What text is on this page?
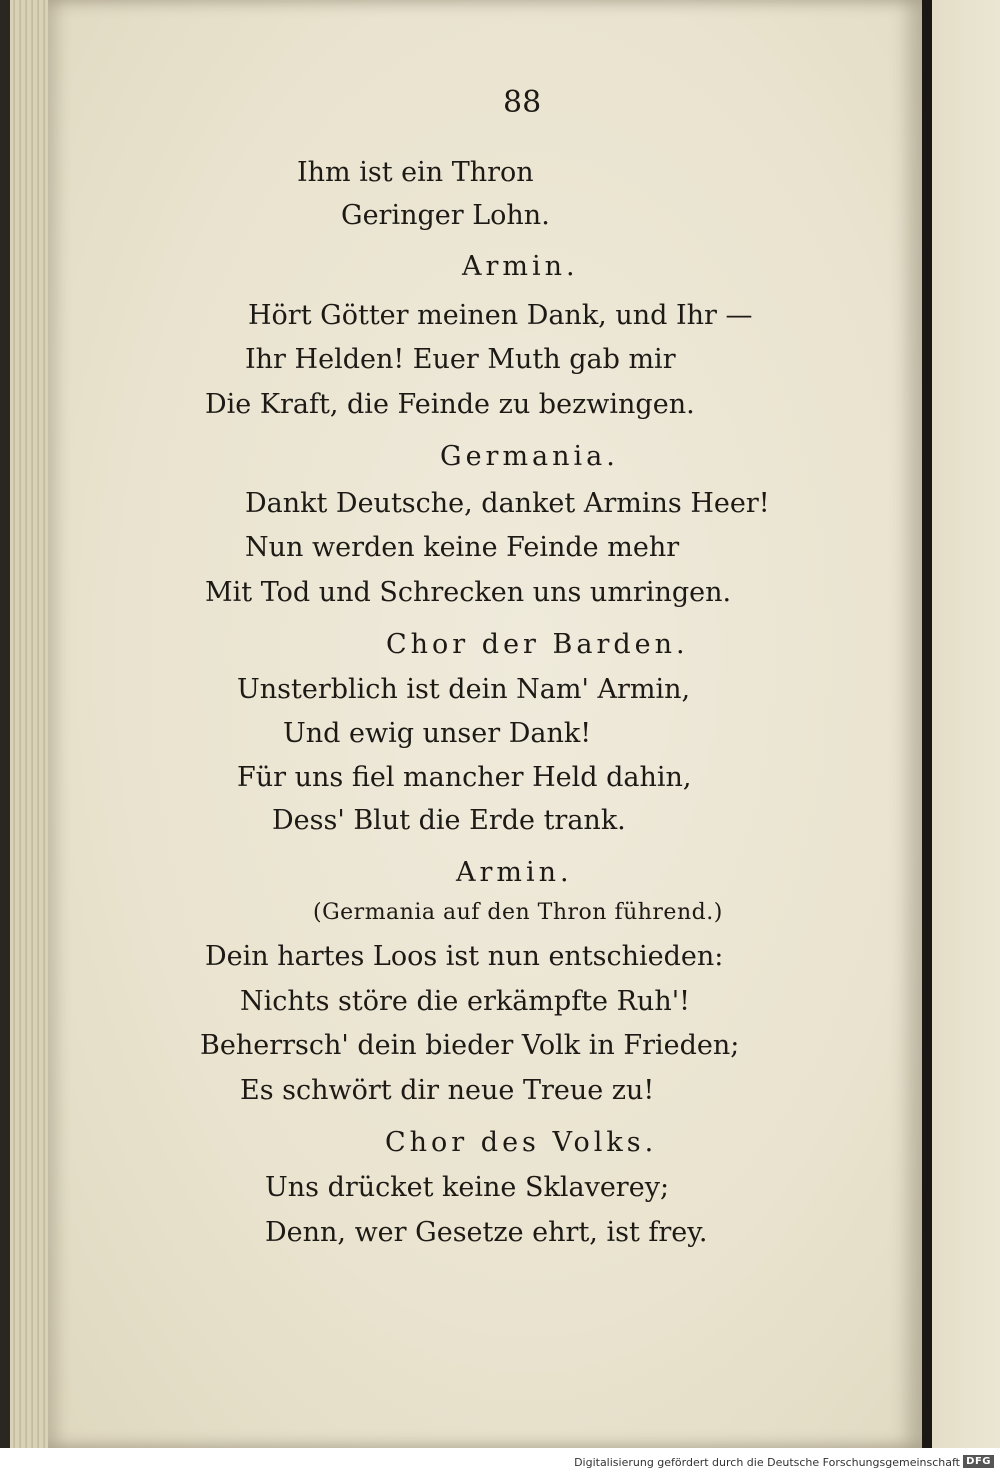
88
Ihm ist ein Thron
Geringer Lohn.
Armin.
Hört Götter meinen Dank, und Ihr —
Ihr Helden! Euer Muth gab mir
Die Kraft, die Feinde zu bezwingen.
Germania.
Dankt Deutsche, danket Armins Heer!
Nun werden keine Feinde mehr
Mit Tod und Schrecken uns umringen.
Chor der Barden.
Unsterblich ist dein Nam' Armin,
Und ewig unser Dank!
Für uns fiel mancher Held dahin,
Dess' Blut die Erde trank.
Armin.
(Germania auf den Thron führend.)
Dein hartes Loos ist nun entschieden:
Nichts störe die erkämpfte Ruh'!
Beherrsch' dein bieder Volk in Frieden;
Es schwört dir neue Treue zu!
Chor des Volks.
Uns drücket keine Sklaverey;
Denn, wer Gesetze ehrt, ist frey.
Digitalisierung gefördert durch die Deutsche Forschungsgemeinschaft DFG
